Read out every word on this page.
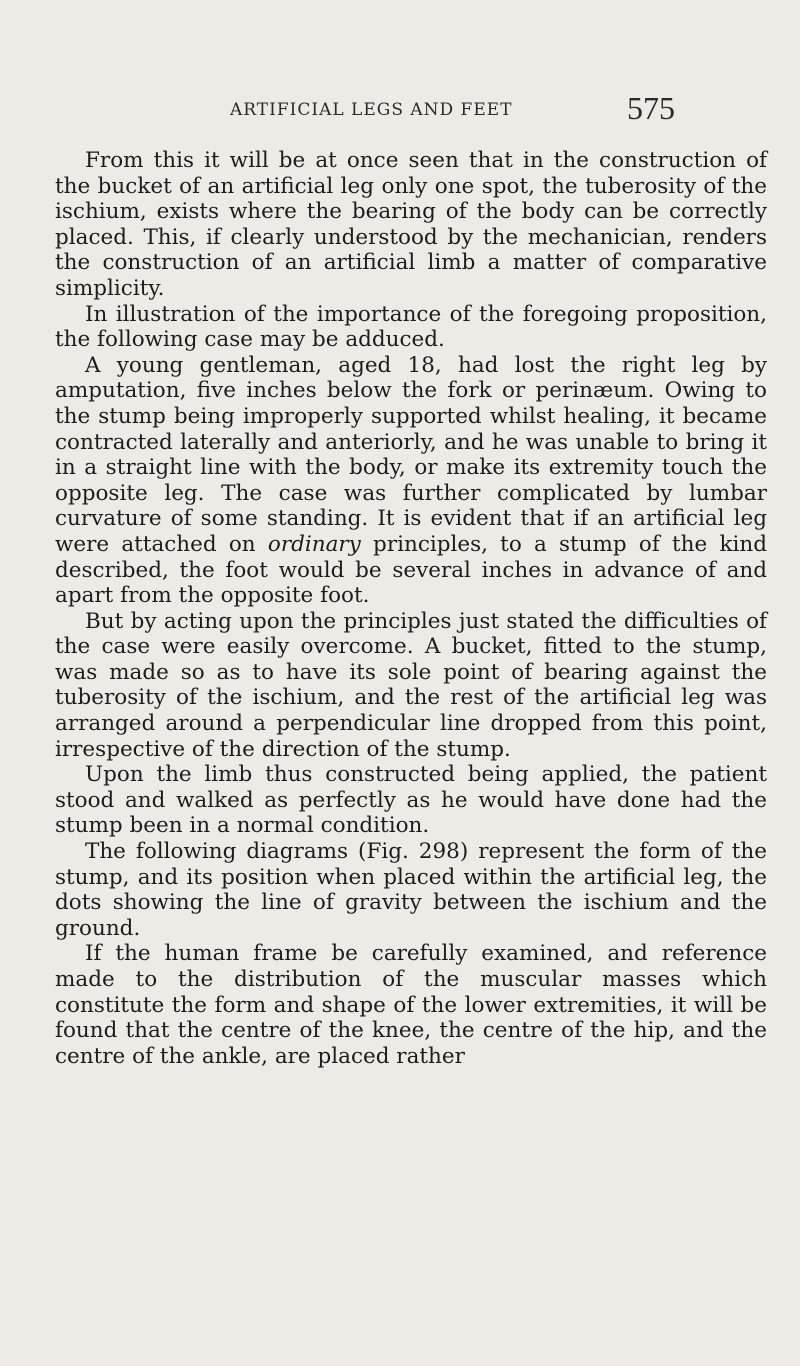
ARTIFICIAL LEGS AND FEET	575

From this it will be at once seen that in the construction of the bucket of an artificial leg only one spot, the tuberosity of the ischium, exists where the bearing of the body can be correctly placed. This, if clearly understood by the mechanician, renders the construction of an artificial limb a matter of comparative simplicity.

In illustration of the importance of the foregoing proposition, the following case may be adduced.

A young gentleman, aged 18, had lost the right leg by amputation, five inches below the fork or perinæum. Owing to the stump being improperly supported whilst healing, it became contracted laterally and anteriorly, and he was unable to bring it in a straight line with the body, or make its extremity touch the opposite leg. The case was further complicated by lumbar curvature of some standing. It is evident that if an artificial leg were attached on ordinary principles, to a stump of the kind described, the foot would be several inches in advance of and apart from the opposite foot.

But by acting upon the principles just stated the difficulties of the case were easily overcome. A bucket, fitted to the stump, was made so as to have its sole point of bearing against the tuberosity of the ischium, and the rest of the artificial leg was arranged around a perpendicular line dropped from this point, irrespective of the direction of the stump.

Upon the limb thus constructed being applied, the patient stood and walked as perfectly as he would have done had the stump been in a normal condition.

The following diagrams (Fig. 298) represent the form of the stump, and its position when placed within the artificial leg, the dots showing the line of gravity between the ischium and the ground.

If the human frame be carefully examined, and reference made to the distribution of the muscular masses which constitute the form and shape of the lower extremities, it will be found that the centre of the knee, the centre of the hip, and the centre of the ankle, are placed rather
